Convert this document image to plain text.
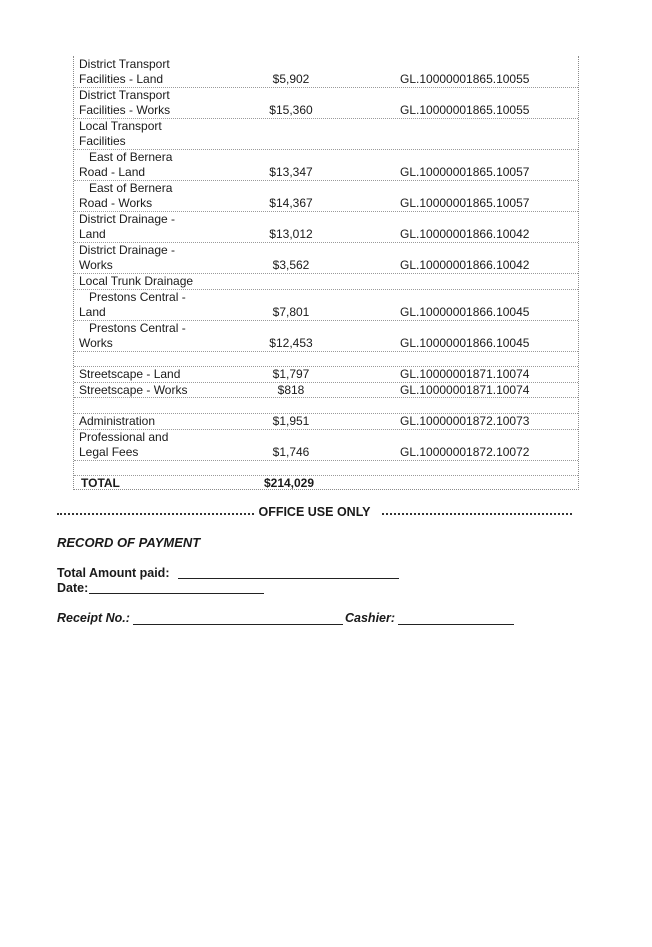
District Transport
Facilities - Land	$5,902	GL.10000001865.10055
District Transport
Facilities - Works	$15,360	GL.10000001865.10055
Local Transport
Facilities
East of Bernera
Road - Land	$13,347	GL.10000001865.10057
East of Bernera
Road - Works	$14,367	GL.10000001865.10057
District Drainage -
Land	$13,012	GL.10000001866.10042
District Drainage -
Works	$3,562	GL.10000001866.10042
Local Trunk Drainage
Prestons Central -
Land	$7,801	GL.10000001866.10045
Prestons Central -
Works	$12,453	GL.10000001866.10045
Streetscape - Land	$1,797	GL.10000001871.10074
Streetscape - Works	$818	GL.10000001871.10074
Administration	$1,951	GL.10000001872.10073
Professional and
Legal Fees	$1,746	GL.10000001872.10072
TOTAL	$214,029
OFFICE USE ONLY
RECORD OF PAYMENT
Total Amount paid:
Date:
Receipt No.:	Cashier:
